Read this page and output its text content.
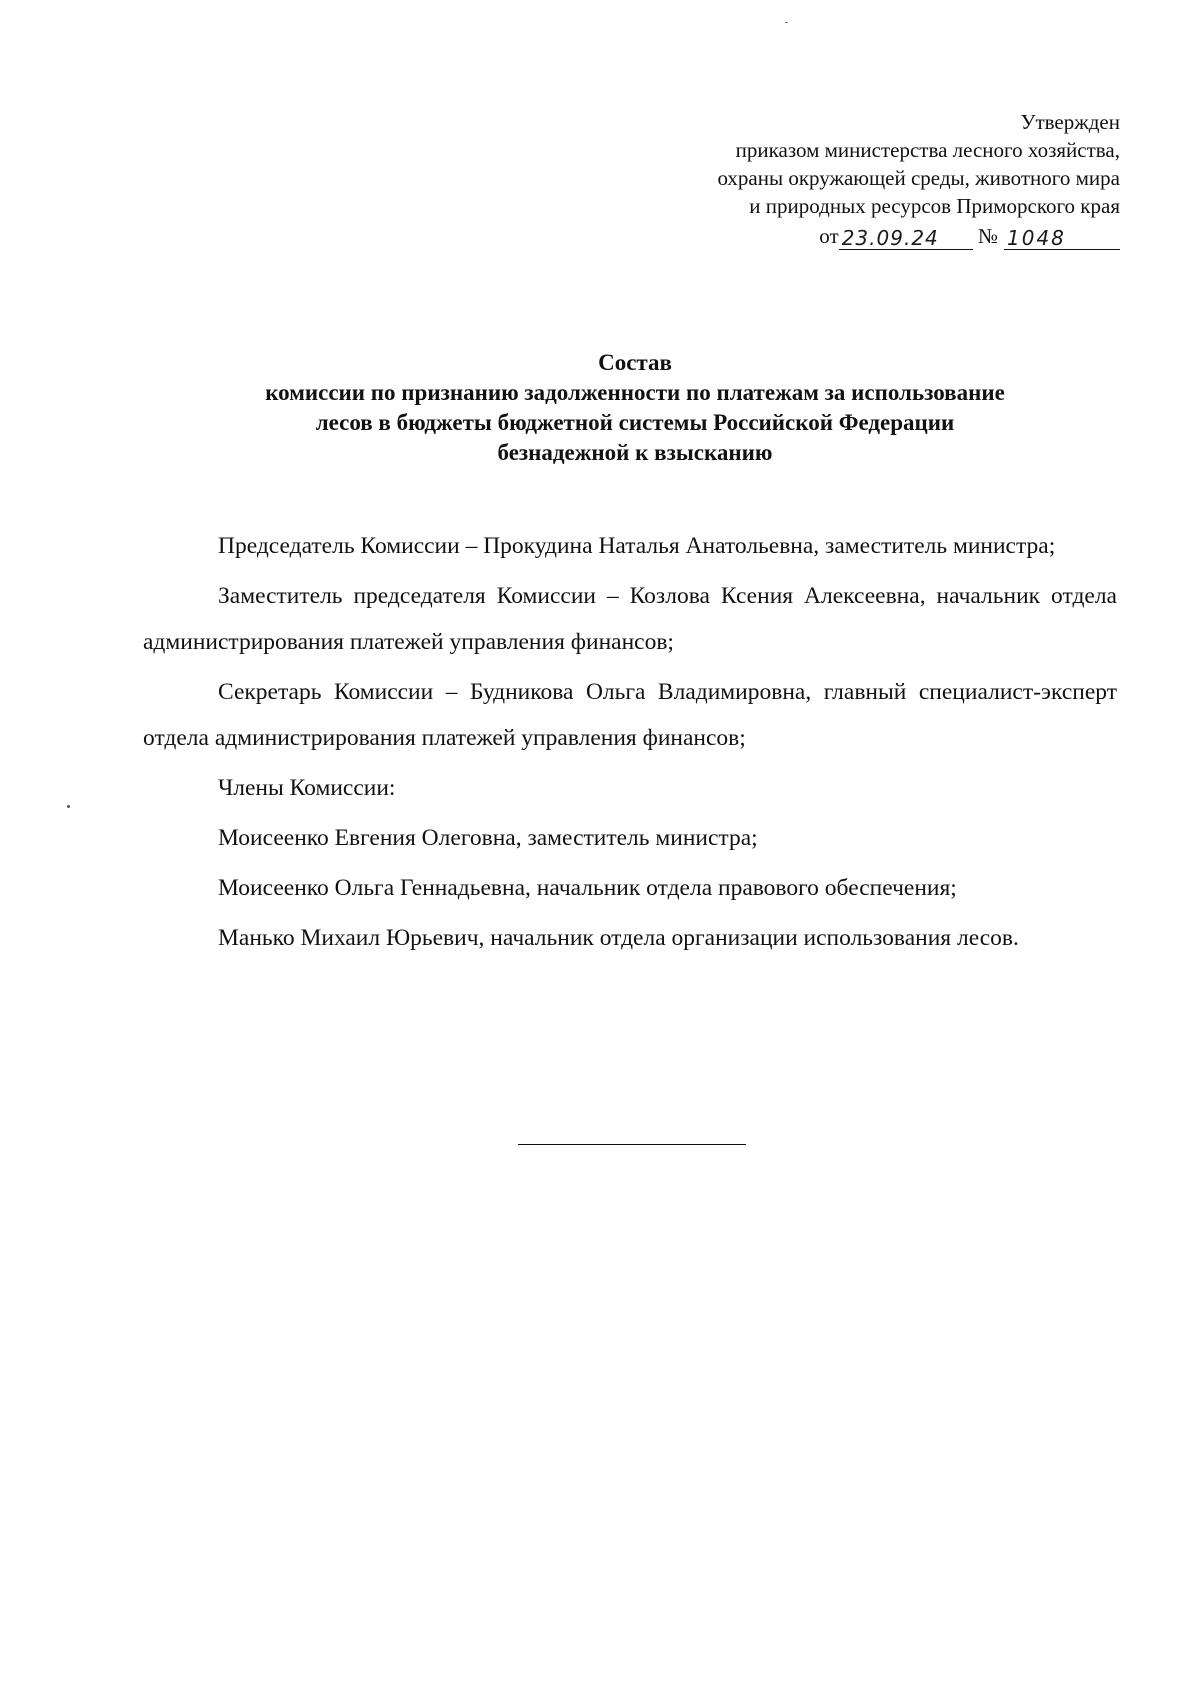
Утвержден
приказом министерства лесного хозяйства,
охраны окружающей среды, животного мира
и природных ресурсов Приморского края
от 23.09.24 № 1048
Состав
комиссии по признанию задолженности по платежам за использование
лесов в бюджеты бюджетной системы Российской Федерации
безнадежной к взысканию

Председатель Комиссии – Прокудина Наталья Анатольевна, заместитель министра;

Заместитель председателя Комиссии – Козлова Ксения Алексеевна, начальник отдела администрирования платежей управления финансов;

Секретарь Комиссии – Будникова Ольга Владимировна, главный специалист-эксперт отдела администрирования платежей управления финансов;

Члены Комиссии:

Моисеенко Евгения Олеговна, заместитель министра;

Моисеенко Ольга Геннадьевна, начальник отдела правового обеспечения;

Манько Михаил Юрьевич, начальник отдела организации использования лесов.
